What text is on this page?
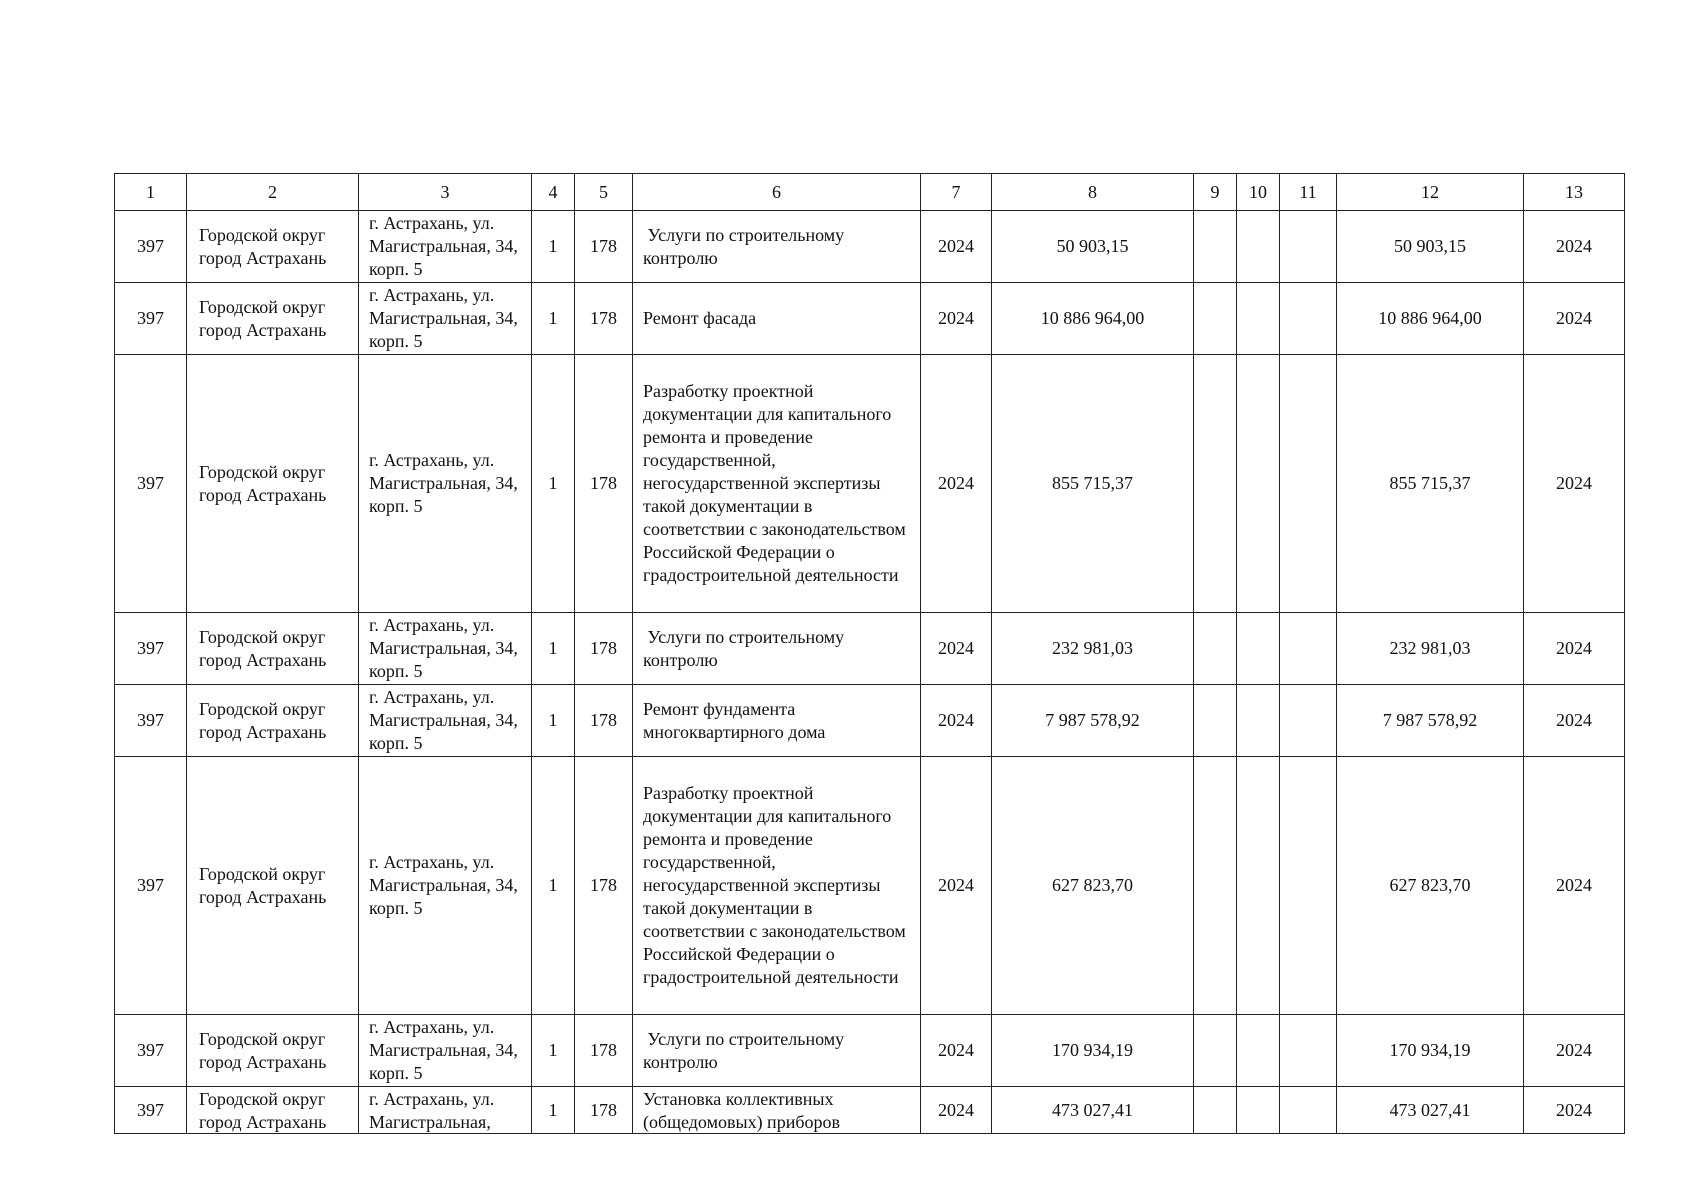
1	2	3	4	5	6	7	8	9	10	11	12	13
397	Городской округ город Астрахань	г. Астрахань, ул. Магистральная, 34, корп. 5	1	178	Услуги по строительному контролю	2024	50 903,15				50 903,15	2024
397	Городской округ город Астрахань	г. Астрахань, ул. Магистральная, 34, корп. 5	1	178	Ремонт фасада	2024	10 886 964,00				10 886 964,00	2024
397	Городской округ город Астрахань	г. Астрахань, ул. Магистральная, 34, корп. 5	1	178	Разработку проектной документации для капитального ремонта и проведение государственной, негосударственной экспертизы такой документации в соответствии с законодательством Российской Федерации о градостроительной деятельности	2024	855 715,37				855 715,37	2024
397	Городской округ город Астрахань	г. Астрахань, ул. Магистральная, 34, корп. 5	1	178	Услуги по строительному контролю	2024	232 981,03				232 981,03	2024
397	Городской округ город Астрахань	г. Астрахань, ул. Магистральная, 34, корп. 5	1	178	Ремонт фундамента многоквартирного дома	2024	7 987 578,92				7 987 578,92	2024
397	Городской округ город Астрахань	г. Астрахань, ул. Магистральная, 34, корп. 5	1	178	Разработку проектной документации для капитального ремонта и проведение государственной, негосударственной экспертизы такой документации в соответствии с законодательством Российской Федерации о градостроительной деятельности	2024	627 823,70				627 823,70	2024
397	Городской округ город Астрахань	г. Астрахань, ул. Магистральная, 34, корп. 5	1	178	Услуги по строительному контролю	2024	170 934,19				170 934,19	2024
397	Городской округ город Астрахань	г. Астрахань, ул. Магистральная,	1	178	Установка коллективных (общедомовых) приборов	2024	473 027,41				473 027,41	2024
